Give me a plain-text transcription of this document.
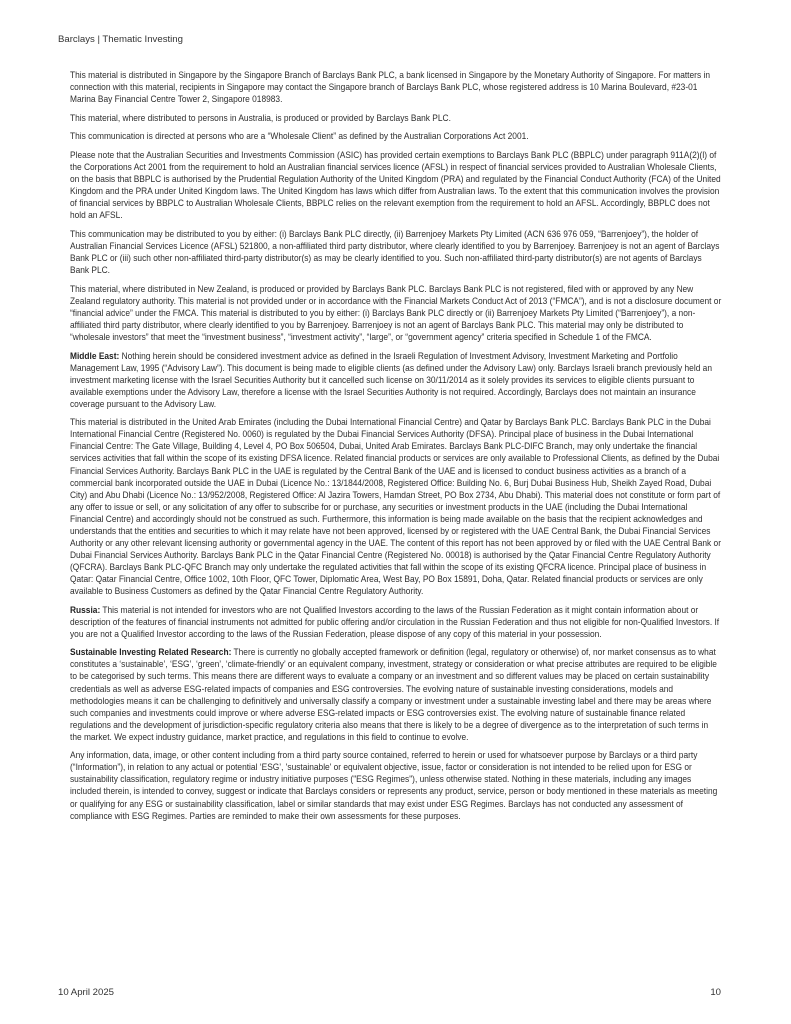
Barclays | Thematic Investing

This material is distributed in Singapore by the Singapore Branch of Barclays Bank PLC, a bank licensed in Singapore by the Monetary Authority of Singapore. For matters in connection with this material, recipients in Singapore may contact the Singapore branch of Barclays Bank PLC, whose registered address is 10 Marina Boulevard, #23-01 Marina Bay Financial Centre Tower 2, Singapore 018983.

This material, where distributed to persons in Australia, is produced or provided by Barclays Bank PLC.

This communication is directed at persons who are a “Wholesale Client” as defined by the Australian Corporations Act 2001.

Please note that the Australian Securities and Investments Commission (ASIC) has provided certain exemptions to Barclays Bank PLC (BBPLC) under paragraph 911A(2)(l) of the Corporations Act 2001 from the requirement to hold an Australian financial services licence (AFSL) in respect of financial services provided to Australian Wholesale Clients, on the basis that BBPLC is authorised by the Prudential Regulation Authority of the United Kingdom (PRA) and regulated by the Financial Conduct Authority (FCA) of the United Kingdom and the PRA under United Kingdom laws. The United Kingdom has laws which differ from Australian laws. To the extent that this communication involves the provision of financial services by BBPLC to Australian Wholesale Clients, BBPLC relies on the relevant exemption from the requirement to hold an AFSL. Accordingly, BBPLC does not hold an AFSL.

This communication may be distributed to you by either: (i) Barclays Bank PLC directly, (ii) Barrenjoey Markets Pty Limited (ACN 636 976 059, “Barrenjoey”), the holder of Australian Financial Services Licence (AFSL) 521800, a non-affiliated third party distributor, where clearly identified to you by Barrenjoey. Barrenjoey is not an agent of Barclays Bank PLC or (iii) such other non-affiliated third-party distributor(s) as may be clearly identified to you. Such non-affiliated third-party distributor(s) are not agents of Barclays Bank PLC.

This material, where distributed in New Zealand, is produced or provided by Barclays Bank PLC. Barclays Bank PLC is not registered, filed with or approved by any New Zealand regulatory authority. This material is not provided under or in accordance with the Financial Markets Conduct Act of 2013 (“FMCA”), and is not a disclosure document or “financial advice” under the FMCA. This material is distributed to you by either: (i) Barclays Bank PLC directly or (ii) Barrenjoey Markets Pty Limited (“Barrenjoey”), a non-affiliated third party distributor, where clearly identified to you by Barrenjoey. Barrenjoey is not an agent of Barclays Bank PLC. This material may only be distributed to “wholesale investors” that meet the “investment business”, “investment activity”, “large”, or “government agency” criteria specified in Schedule 1 of the FMCA.

Middle East: Nothing herein should be considered investment advice as defined in the Israeli Regulation of Investment Advisory, Investment Marketing and Portfolio Management Law, 1995 (“Advisory Law”). This document is being made to eligible clients (as defined under the Advisory Law) only. Barclays Israeli branch previously held an investment marketing license with the Israel Securities Authority but it cancelled such license on 30/11/2014 as it solely provides its services to eligible clients pursuant to available exemptions under the Advisory Law, therefore a license with the Israel Securities Authority is not required. Accordingly, Barclays does not maintain an insurance coverage pursuant to the Advisory Law.

This material is distributed in the United Arab Emirates (including the Dubai International Financial Centre) and Qatar by Barclays Bank PLC. Barclays Bank PLC in the Dubai International Financial Centre (Registered No. 0060) is regulated by the Dubai Financial Services Authority (DFSA). Principal place of business in the Dubai International Financial Centre: The Gate Village, Building 4, Level 4, PO Box 506504, Dubai, United Arab Emirates. Barclays Bank PLC-DIFC Branch, may only undertake the financial services activities that fall within the scope of its existing DFSA licence. Related financial products or services are only available to Professional Clients, as defined by the Dubai Financial Services Authority. Barclays Bank PLC in the UAE is regulated by the Central Bank of the UAE and is licensed to conduct business activities as a branch of a commercial bank incorporated outside the UAE in Dubai (Licence No.: 13/1844/2008, Registered Office: Building No. 6, Burj Dubai Business Hub, Sheikh Zayed Road, Dubai City) and Abu Dhabi (Licence No.: 13/952/2008, Registered Office: Al Jazira Towers, Hamdan Street, PO Box 2734, Abu Dhabi). This material does not constitute or form part of any offer to issue or sell, or any solicitation of any offer to subscribe for or purchase, any securities or investment products in the UAE (including the Dubai International Financial Centre) and accordingly should not be construed as such. Furthermore, this information is being made available on the basis that the recipient acknowledges and understands that the entities and securities to which it may relate have not been approved, licensed by or registered with the UAE Central Bank, the Dubai Financial Services Authority or any other relevant licensing authority or governmental agency in the UAE. The content of this report has not been approved by or filed with the UAE Central Bank or Dubai Financial Services Authority. Barclays Bank PLC in the Qatar Financial Centre (Registered No. 00018) is authorised by the Qatar Financial Centre Regulatory Authority (QFCRA). Barclays Bank PLC-QFC Branch may only undertake the regulated activities that fall within the scope of its existing QFCRA licence. Principal place of business in Qatar: Qatar Financial Centre, Office 1002, 10th Floor, QFC Tower, Diplomatic Area, West Bay, PO Box 15891, Doha, Qatar. Related financial products or services are only available to Business Customers as defined by the Qatar Financial Centre Regulatory Authority.

Russia: This material is not intended for investors who are not Qualified Investors according to the laws of the Russian Federation as it might contain information about or description of the features of financial instruments not admitted for public offering and/or circulation in the Russian Federation and thus not eligible for non-Qualified Investors. If you are not a Qualified Investor according to the laws of the Russian Federation, please dispose of any copy of this material in your possession.

Sustainable Investing Related Research: There is currently no globally accepted framework or definition (legal, regulatory or otherwise) of, nor market consensus as to what constitutes a ‘sustainable’, ‘ESG’, ‘green’, ‘climate-friendly’ or an equivalent company, investment, strategy or consideration or what precise attributes are required to be eligible to be categorised by such terms. This means there are different ways to evaluate a company or an investment and so different values may be placed on certain sustainability credentials as well as adverse ESG-related impacts of companies and ESG controversies. The evolving nature of sustainable investing considerations, models and methodologies means it can be challenging to definitively and universally classify a company or investment under a sustainable investing label and there may be areas where such companies and investments could improve or where adverse ESG-related impacts or ESG controversies exist. The evolving nature of sustainable finance related regulations and the development of jurisdiction-specific regulatory criteria also means that there is likely to be a degree of divergence as to the interpretation of such terms in the market. We expect industry guidance, market practice, and regulations in this field to continue to evolve.

Any information, data, image, or other content including from a third party source contained, referred to herein or used for whatsoever purpose by Barclays or a third party (“Information”), in relation to any actual or potential ‘ESG’, 'sustainable' or equivalent objective, issue, factor or consideration is not intended to be relied upon for ESG or sustainability classification, regulatory regime or industry initiative purposes ("ESG Regimes"), unless otherwise stated. Nothing in these materials, including any images included therein, is intended to convey, suggest or indicate that Barclays considers or represents any product, service, person or body mentioned in these materials as meeting or qualifying for any ESG or sustainability classification, label or similar standards that may exist under ESG Regimes. Barclays has not conducted any assessment of compliance with ESG Regimes. Parties are reminded to make their own assessments for these purposes.

10 April 2025	10
